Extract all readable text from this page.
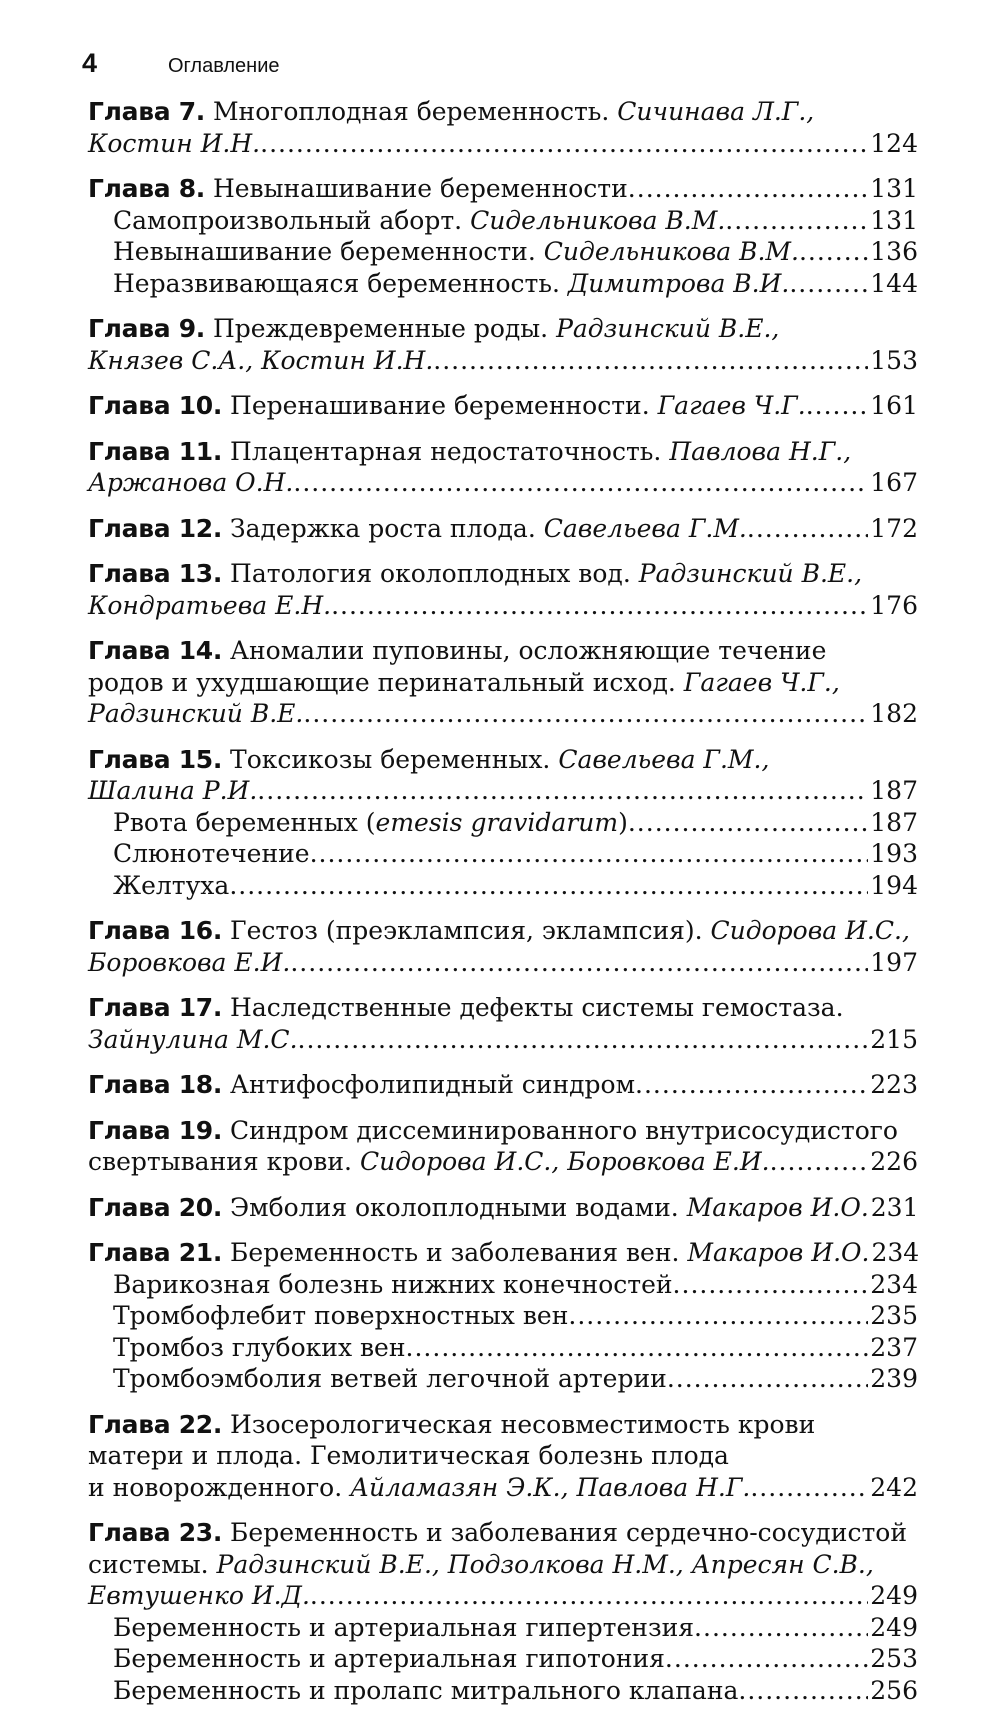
4	Оглавление
Глава 7. Многоплодная беременность. Сичинава Л.Г.,
Костин И.Н. .....	124
Глава 8. Невынашивание беременности .....	131
Самопроизвольный аборт. Сидельникова В.М. .....	131
Невынашивание беременности. Сидельникова В.М. .....	136
Неразвивающаяся беременность. Димитрова В.И. .....	144
Глава 9. Преждевременные роды. Радзинский В.Е.,
Князев С.А., Костин И.Н. .....	153
Глава 10. Перенашивание беременности. Гагаев Ч.Г. .....	161
Глава 11. Плацентарная недостаточность. Павлова Н.Г.,
Аржанова О.Н. .....	167
Глава 12. Задержка роста плода. Савельева Г.М. .....	172
Глава 13. Патология околоплодных вод. Радзинский В.Е.,
Кондратьева Е.Н. .....	176
Глава 14. Аномалии пуповины, осложняющие течение
родов и ухудшающие перинатальный исход. Гагаев Ч.Г.,
Радзинский В.Е. .....	182
Глава 15. Токсикозы беременных. Савельева Г.М.,
Шалина Р.И. .....	187
Рвота беременных (emesis gravidarum) .....	187
Слюнотечение .....	193
Желтуха .....	194
Глава 16. Гестоз (преэклампсия, эклампсия). Сидорова И.С.,
Боровкова Е.И. .....	197
Глава 17. Наследственные дефекты системы гемостаза.
Зайнулина М.С. .....	215
Глава 18. Антифосфолипидный синдром .....	223
Глава 19. Синдром диссеминированного внутрисосудистого
свертывания крови. Сидорова И.С., Боровкова Е.И. .....	226
Глава 20. Эмболия околоплодными водами. Макаров И.О. 231
Глава 21. Беременность и заболевания вен. Макаров И.О. 234
Варикозная болезнь нижних конечностей .....	234
Тромбофлебит поверхностных вен .....	235
Тромбоз глубоких вен .....	237
Тромбоэмболия ветвей легочной артерии .....	239
Глава 22. Изосерологическая несовместимость крови
матери и плода. Гемолитическая болезнь плода
и новорожденного. Айламазян Э.К., Павлова Н.Г. .....	242
Глава 23. Беременность и заболевания сердечно-сосудистой
системы. Радзинский В.Е., Подзолкова Н.М., Апресян С.В.,
Евтушенко И.Д. .....	249
Беременность и артериальная гипертензия .....	249
Беременность и артериальная гипотония .....	253
Беременность и пролапс митрального клапана .....	256
